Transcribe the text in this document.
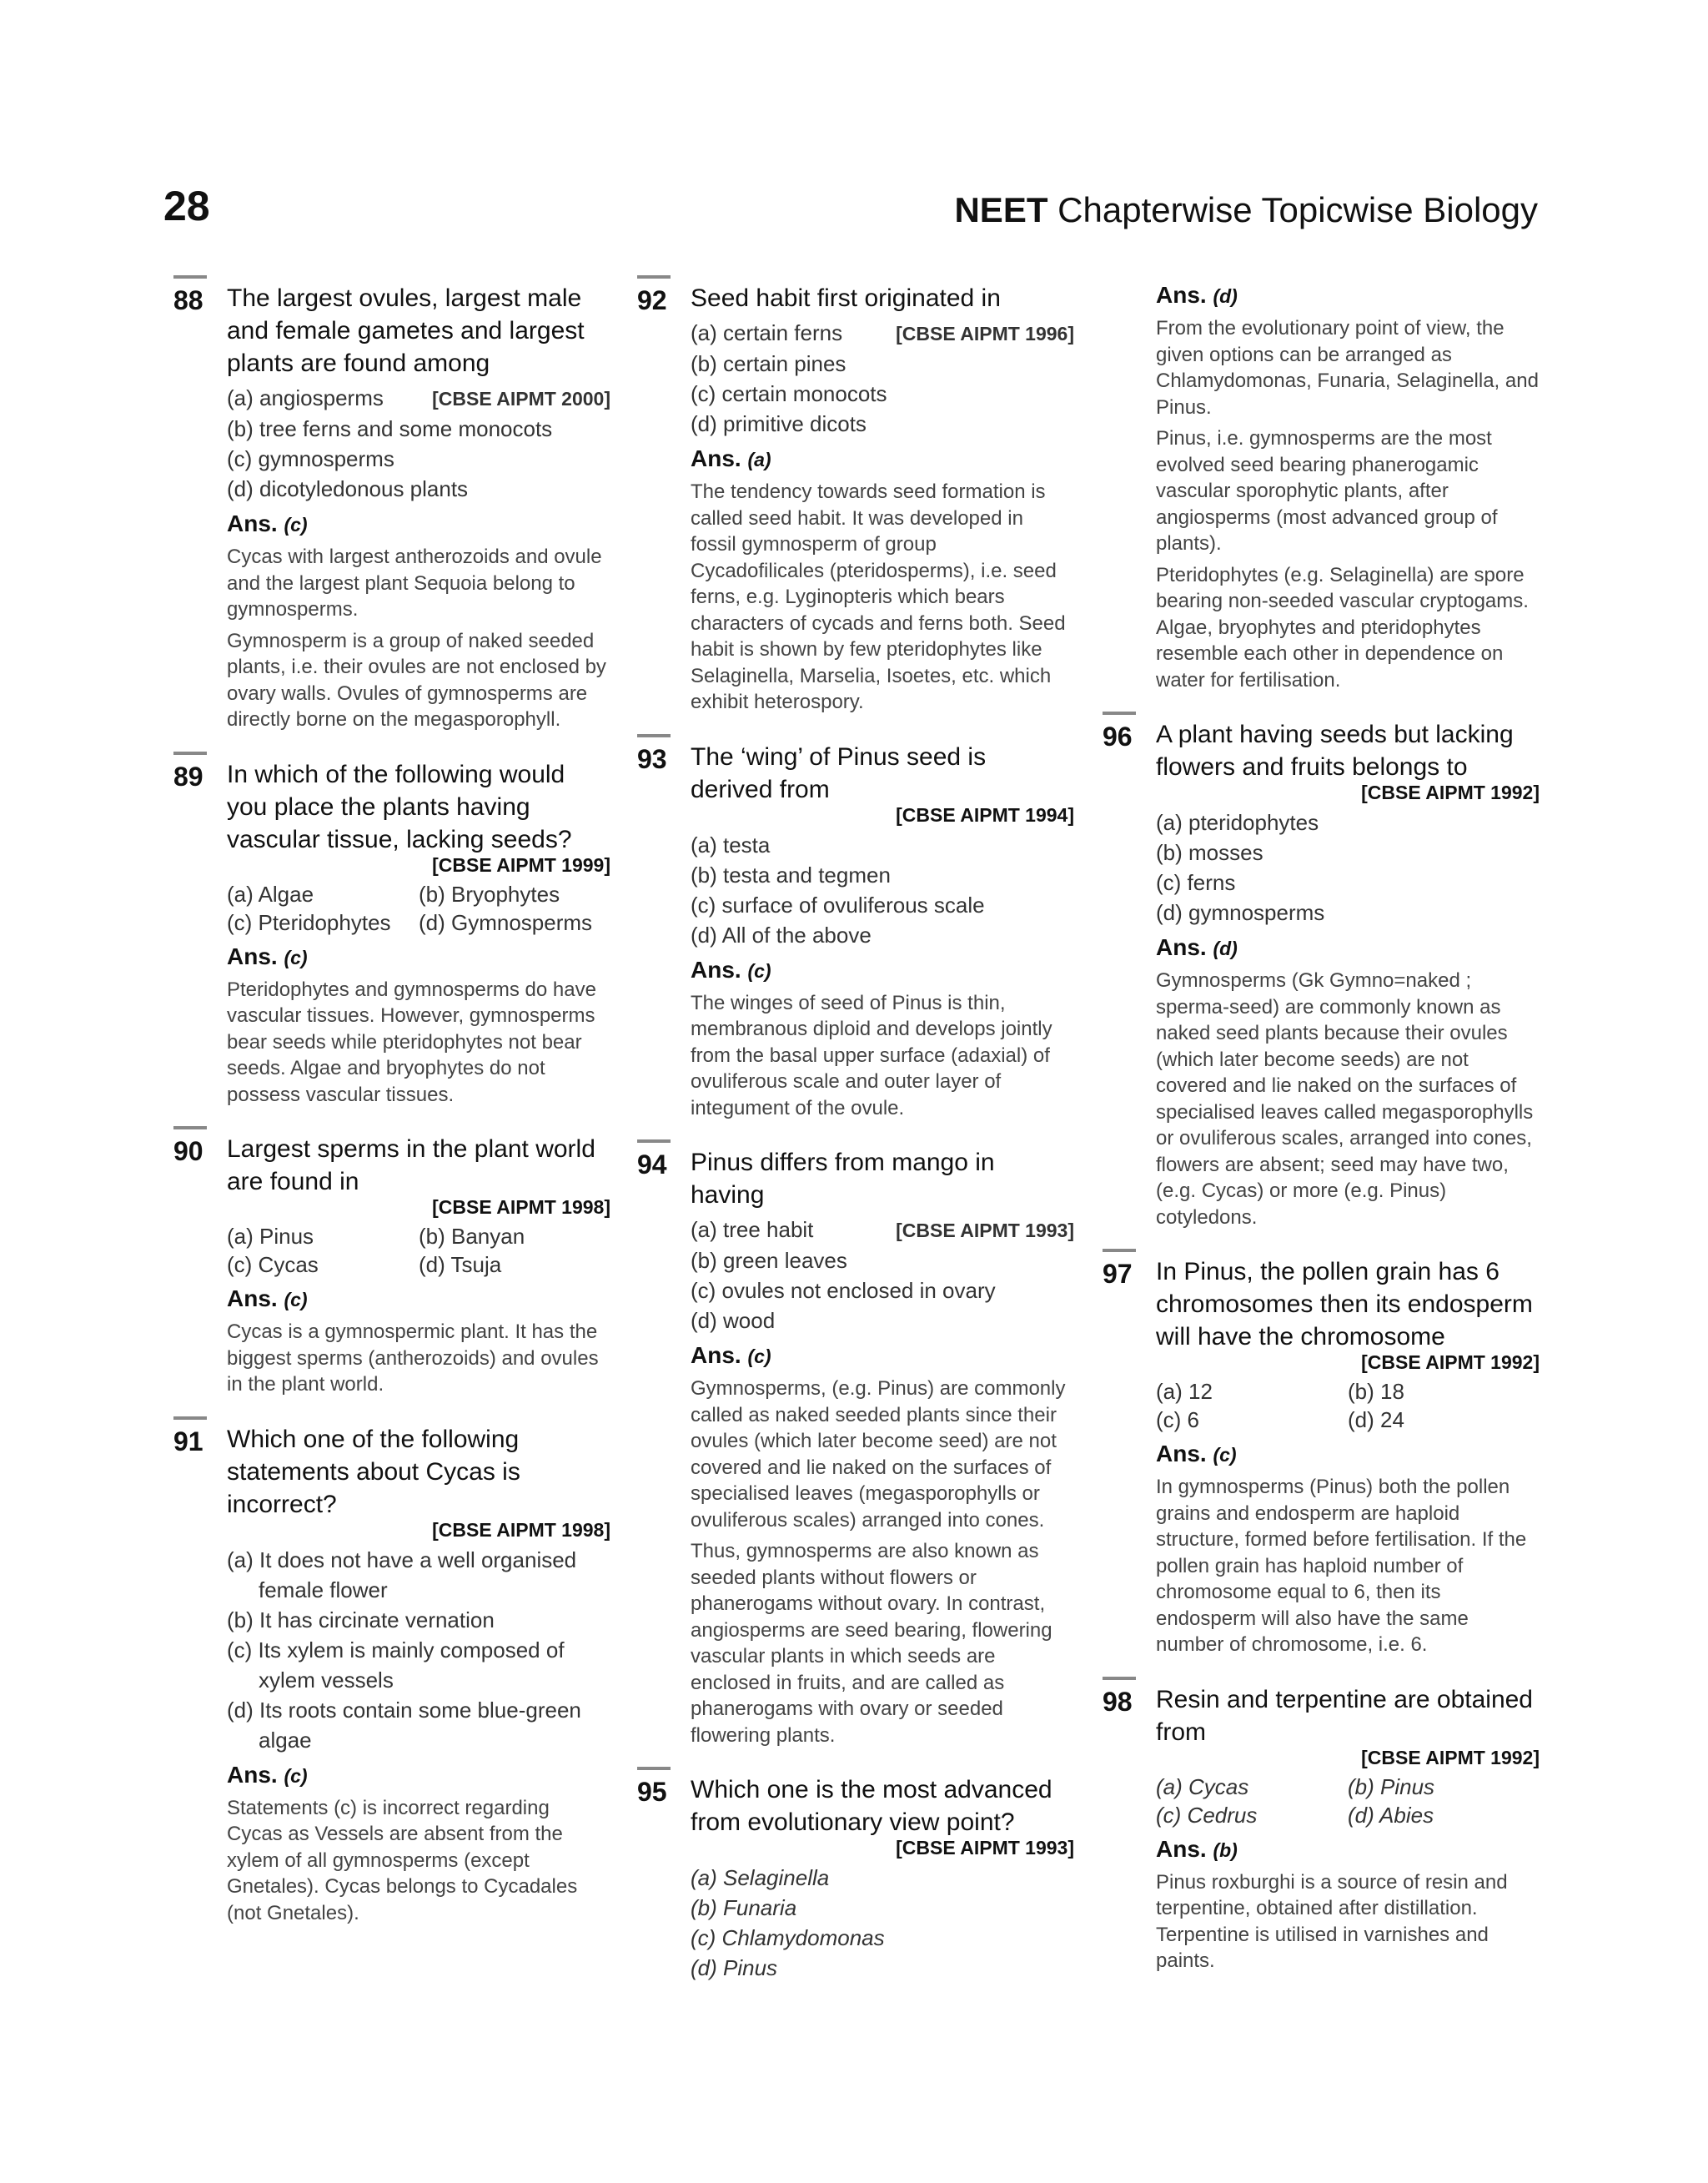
28	NEET Chapterwise Topicwise Biology
88 The largest ovules, largest male and female gametes and largest plants are found among
(a) angiosperms	[CBSE AIPMT 2000]
(b) tree ferns and some monocots
(c) gymnosperms
(d) dicotyledonous plants
Ans. (c)
Cycas with largest antherozoids and ovule and the largest plant Sequoia belong to gymnosperms.
Gymnosperm is a group of naked seeded plants, i.e. their ovules are not enclosed by ovary walls. Ovules of gymnosperms are directly borne on the megasporophyll.
89 In which of the following would you place the plants having vascular tissue, lacking seeds?
[CBSE AIPMT 1999]
(a) Algae	(b) Bryophytes
(c) Pteridophytes	(d) Gymnosperms
Ans. (c)
Pteridophytes and gymnosperms do have vascular tissues. However, gymnosperms bear seeds while pteridophytes not bear seeds. Algae and bryophytes do not possess vascular tissues.
90 Largest sperms in the plant world are found in
[CBSE AIPMT 1998]
(a) Pinus	(b) Banyan
(c) Cycas	(d) Tsuja
Ans. (c)
Cycas is a gymnospermic plant. It has the biggest sperms (antherozoids) and ovules in the plant world.
91 Which one of the following statements about Cycas is incorrect?
[CBSE AIPMT 1998]
(a) It does not have a well organised female flower
(b) It has circinate vernation
(c) Its xylem is mainly composed of xylem vessels
(d) Its roots contain some blue-green algae
Ans. (c)
Statements (c) is incorrect regarding Cycas as Vessels are absent from the xylem of all gymnosperms (except Gnetales). Cycas belongs to Cycadales (not Gnetales).
92 Seed habit first originated in
(a) certain ferns	[CBSE AIPMT 1996]
(b) certain pines
(c) certain monocots
(d) primitive dicots
Ans. (a)
The tendency towards seed formation is called seed habit. It was developed in fossil gymnosperm of group Cycadofilicales (pteridosperms), i.e. seed ferns, e.g. Lyginopteris which bears characters of cycads and ferns both. Seed habit is shown by few pteridophytes like Selaginella, Marselia, Isoetes, etc. which exhibit heterospory.
93 The ‘wing’ of Pinus seed is derived from
[CBSE AIPMT 1994]
(a) testa
(b) testa and tegmen
(c) surface of ovuliferous scale
(d) All of the above
Ans. (c)
The winges of seed of Pinus is thin, membranous diploid and develops jointly from the basal upper surface (adaxial) of ovuliferous scale and outer layer of integument of the ovule.
94 Pinus differs from mango in having
(a) tree habit	[CBSE AIPMT 1993]
(b) green leaves
(c) ovules not enclosed in ovary
(d) wood
Ans. (c)
Gymnosperms, (e.g. Pinus) are commonly called as naked seeded plants since their ovules (which later become seed) are not covered and lie naked on the surfaces of specialised leaves (megasporophylls or ovuliferous scales) arranged into cones.
Thus, gymnosperms are also known as seeded plants without flowers or phanerogams without ovary. In contrast, angiosperms are seed bearing, flowering vascular plants in which seeds are enclosed in fruits, and are called as phanerogams with ovary or seeded flowering plants.
95 Which one is the most advanced from evolutionary view point?
[CBSE AIPMT 1993]
(a) Selaginella
(b) Funaria
(c) Chlamydomonas
(d) Pinus
Ans. (d)
From the evolutionary point of view, the given options can be arranged as Chlamydomonas, Funaria, Selaginella, and Pinus.
Pinus, i.e. gymnosperms are the most evolved seed bearing phanerogamic vascular sporophytic plants, after angiosperms (most advanced group of plants).
Pteridophytes (e.g. Selaginella) are spore bearing non-seeded vascular cryptogams. Algae, bryophytes and pteridophytes resemble each other in dependence on water for fertilisation.
96 A plant having seeds but lacking flowers and fruits belongs to
[CBSE AIPMT 1992]
(a) pteridophytes
(b) mosses
(c) ferns
(d) gymnosperms
Ans. (d)
Gymnosperms (Gk Gymno=naked ; sperma-seed) are commonly known as naked seed plants because their ovules (which later become seeds) are not covered and lie naked on the surfaces of specialised leaves called megasporophylls or ovuliferous scales, arranged into cones, flowers are absent; seed may have two, (e.g. Cycas) or more (e.g. Pinus) cotyledons.
97 In Pinus, the pollen grain has 6 chromosomes then its endosperm will have the chromosome
[CBSE AIPMT 1992]
(a) 12	(b) 18
(c) 6	(d) 24
Ans. (c)
In gymnosperms (Pinus) both the pollen grains and endosperm are haploid structure, formed before fertilisation. If the pollen grain has haploid number of chromosome equal to 6, then its endosperm will also have the same number of chromosome, i.e. 6.
98 Resin and terpentine are obtained from
[CBSE AIPMT 1992]
(a) Cycas	(b) Pinus
(c) Cedrus	(d) Abies
Ans. (b)
Pinus roxburghi is a source of resin and terpentine, obtained after distillation. Terpentine is utilised in varnishes and paints.
